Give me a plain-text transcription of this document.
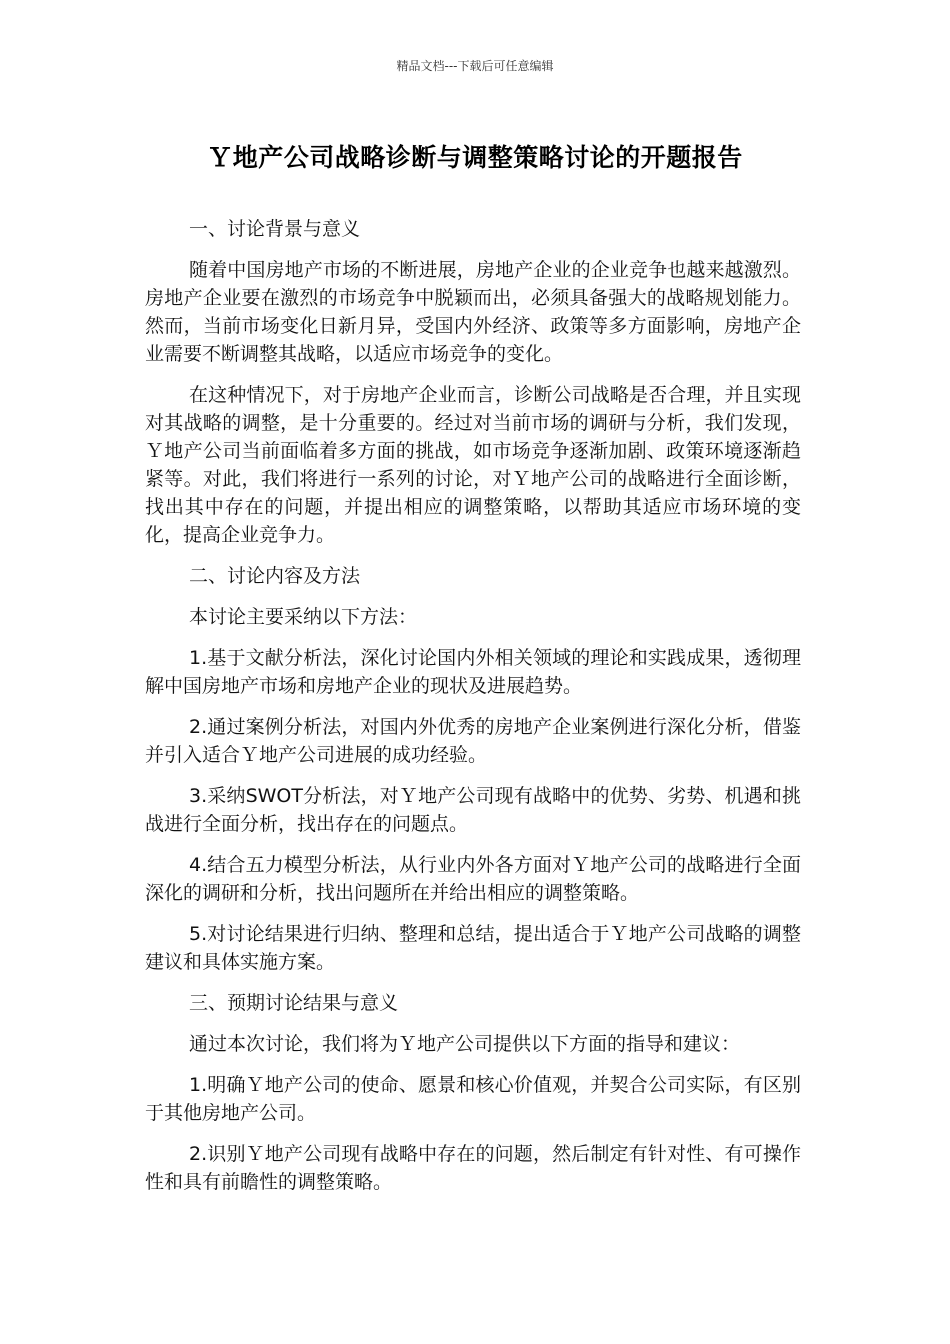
精品文档---下载后可任意编辑
Ｙ地产公司战略诊断与调整策略讨论的开题报告

一、讨论背景与意义

随着中国房地产市场的不断进展，房地产企业的企业竞争也越来越激烈。房地产企业要在激烈的市场竞争中脱颖而出，必须具备强大的战略规划能力。然而，当前市场变化日新月异，受国内外经济、政策等多方面影响，房地产企业需要不断调整其战略，以适应市场竞争的变化。

在这种情况下，对于房地产企业而言，诊断公司战略是否合理，并且实现对其战略的调整，是十分重要的。经过对当前市场的调研与分析，我们发现，Ｙ地产公司当前面临着多方面的挑战，如市场竞争逐渐加剧、政策环境逐渐趋紧等。对此，我们将进行一系列的讨论，对Ｙ地产公司的战略进行全面诊断，找出其中存在的问题，并提出相应的调整策略，以帮助其适应市场环境的变化，提高企业竞争力。

二、讨论内容及方法

本讨论主要采纳以下方法：

1.基于文献分析法，深化讨论国内外相关领域的理论和实践成果，透彻理解中国房地产市场和房地产企业的现状及进展趋势。

2.通过案例分析法，对国内外优秀的房地产企业案例进行深化分析，借鉴并引入适合Ｙ地产公司进展的成功经验。

3.采纳SWOT分析法，对Ｙ地产公司现有战略中的优势、劣势、机遇和挑战进行全面分析，找出存在的问题点。

4.结合五力模型分析法，从行业内外各方面对Ｙ地产公司的战略进行全面深化的调研和分析，找出问题所在并给出相应的调整策略。

5.对讨论结果进行归纳、整理和总结，提出适合于Ｙ地产公司战略的调整建议和具体实施方案。

三、预期讨论结果与意义

通过本次讨论，我们将为Ｙ地产公司提供以下方面的指导和建议：

1.明确Ｙ地产公司的使命、愿景和核心价值观，并契合公司实际，有区别于其他房地产公司。

2.识别Ｙ地产公司现有战略中存在的问题，然后制定有针对性、有可操作性和具有前瞻性的调整策略。
